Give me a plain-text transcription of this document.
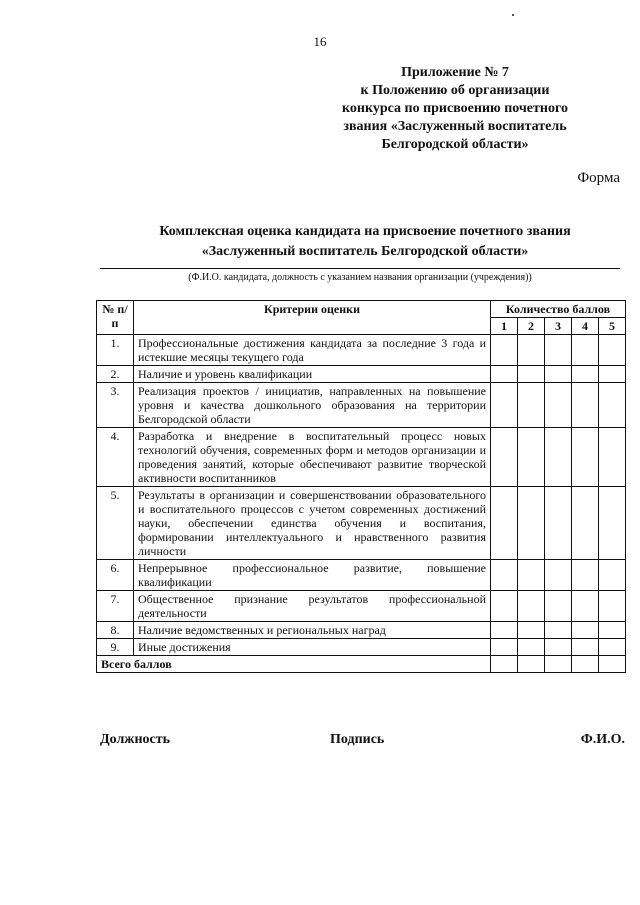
16
Приложение № 7
к Положению об организации
конкурса по присвоению почетного
звания «Заслуженный воспитатель
Белгородской области»
Форма
Комплексная оценка кандидата на присвоение почетного звания
«Заслуженный воспитатель Белгородской области»
(Ф.И.О. кандидата, должность с указанием названия организации (учреждения))
№ п/п	Критерии оценки	Количество баллов				
		1	2	3	4	5
1.	Профессиональные достижения кандидата за последние 3 года и истекшие месяцы текущего года					
2.	Наличие и уровень квалификации					
3.	Реализация проектов / инициатив, направленных на повышение уровня и качества дошкольного образования на территории Белгородской области					
4.	Разработка и внедрение в воспитательный процесс новых технологий обучения, современных форм и методов организации и проведения занятий, которые обеспечивают развитие творческой активности воспитанников					
5.	Результаты в организации и совершенствовании образовательного и воспитательного процессов с учетом современных достижений науки, обеспечении единства обучения и воспитания, формировании интеллектуального и нравственного развития личности					
6.	Непрерывное профессиональное развитие, повышение квалификации					
7.	Общественное признание результатов профессиональной деятельности					
8.	Наличие ведомственных и региональных наград					
9.	Иные достижения					
Всего баллов						
Должность	Подпись	Ф.И.О.
